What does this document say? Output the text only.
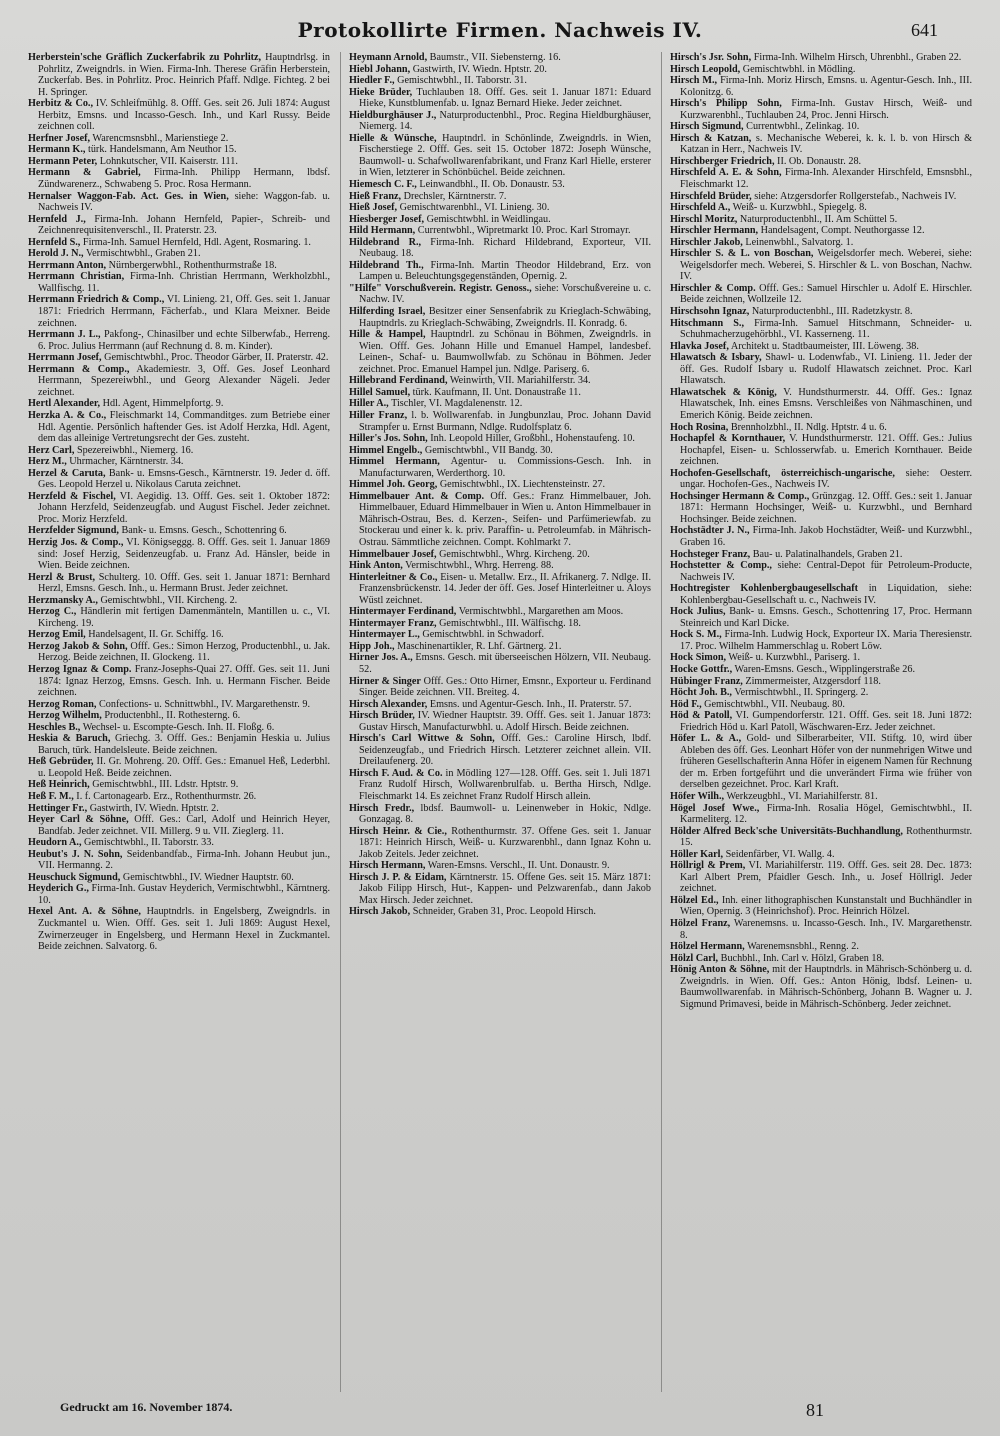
Protokollirte Firmen. Nachweis IV.	641

Herberstein'sche Gräflich Zuckerfabrik zu Pohrlitz, Hauptndrlsg. in Pohrlitz, Zweigndrls. in Wien. Firma-Inh. Therese Gräfin Herberstein, Zuckerfab. Bes. in Pohrlitz. Proc. Heinrich Pfaff. Ndlge. Fichteg. 2 bei H. Springer.

Herbitz & Co., IV. Schleifmühlg. 8. Offf. Ges. seit 26. Juli 1874: August Herbitz, Emsns. und Incasso-Gesch. Inh., und Karl Russy. Beide zeichnen coll.

Herfner Josef, Warencmsnsbhl., Marienstiege 2.

Hermann K., türk. Handelsmann, Am Neuthor 15.

Hermann Peter, Lohnkutscher, VII. Kaiserstr. 111.

Hermann & Gabriel, Firma-Inh. Philipp Hermann, lbdsf. Zündwarenerz., Schwabeng 5. Proc. Rosa Hermann.

Hernalser Waggon-Fab. Act. Ges. in Wien, siehe: Waggon-fab. u. Nachweis IV.

Hernfeld J., Firma-Inh. Johann Hernfeld, Papier-, Schreib- und Zeichnenrequisitenverschl., II. Praterstr. 23.

Hernfeld S., Firma-Inh. Samuel Hernfeld, Hdl. Agent, Rosmaring. 1.

Herold J. N., Vermischtwbhl., Graben 21.

Herrmann Anton, Nürnbergerwbhl., Rothenthurmstraße 18.

Herrmann Christian, Firma-Inh. Christian Herrmann, Werkholzbhl., Wallfischg. 11.

Herrmann Friedrich & Comp., VI. Linieng. 21, Off. Ges. seit 1. Januar 1871: Friedrich Herrmann, Fächerfab., und Klara Meixner. Beide zeichnen.

Herrmann J. L., Pakfong-, Chinasilber und echte Silberwfab., Herreng. 6. Proc. Julius Herrmann (auf Rechnung d. 8. m. Kinder).

Herrmann Josef, Gemischtwbhl., Proc. Theodor Gärber, II. Praterstr. 42.

Herrmann & Comp., Akademiestr. 3, Off. Ges. Josef Leonhard Herrmann, Spezereiwbhl., und Georg Alexander Nägeli. Jeder zeichnet.

Hertl Alexander, Hdl. Agent, Himmelpfortg. 9.

Herzka A. & Co., Fleischmarkt 14, Commanditges. zum Betriebe einer Hdl. Agentie. Persönlich haftender Ges. ist Adolf Herzka, Hdl. Agent, dem das alleinige Vertretungsrecht der Ges. zusteht.

Herz Carl, Spezereiwbhl., Niemerg. 16.

Herz M., Uhrmacher, Kärntnerstr. 34.

Herzel & Caruta, Bank- u. Emsns-Gesch., Kärntnerstr. 19. Jeder d. öff. Ges. Leopold Herzel u. Nikolaus Caruta zeichnet.

Herzfeld & Fischel, VI. Aegidig. 13. Offf. Ges. seit 1. Oktober 1872: Johann Herzfeld, Seidenzeugfab. und August Fischel. Jeder zeichnet. Proc. Moriz Herzfeld.

Herzfelder Sigmund, Bank- u. Emsns. Gesch., Schottenring 6.

Herzig Jos. & Comp., VI. Königseggg. 8. Offf. Ges. seit 1. Januar 1869 sind: Josef Herzig, Seidenzeugfab. u. Franz Ad. Hänsler, beide in Wien. Beide zeichnen.

Herzl & Brust, Schulterg. 10. Offf. Ges. seit 1. Januar 1871: Bernhard Herzl, Emsns. Gesch. Inh., u. Hermann Brust. Jeder zeichnet.

Herzmansky A., Gemischtwbhl., VII. Kircheng. 2.

Herzog C., Händlerin mit fertigen Damenmänteln, Mantillen u. c., VI. Kircheng. 19.

Herzog Emil, Handelsagent, II. Gr. Schiffg. 16.

Herzog Jakob & Sohn, Offf. Ges.: Simon Herzog, Productenbhl., u. Jak. Herzog. Beide zeichnen, II. Glockeng. 11.

Herzog Ignaz & Comp. Franz-Josephs-Quai 27. Offf. Ges. seit 11. Juni 1874: Ignaz Herzog, Emsns. Gesch. Inh. u. Hermann Fischer. Beide zeichnen.

Herzog Roman, Confections- u. Schnittwbhl., IV. Margarethenstr. 9.

Herzog Wilhelm, Productenbhl., II. Rothesterng. 6.

Heschles B., Wechsel- u. Escompte-Gesch. Inh. II. Floßg. 6.

Heskia & Baruch, Griechg. 3. Offf. Ges.: Benjamin Heskia u. Julius Baruch, türk. Handelsleute. Beide zeichnen.

Heß Gebrüder, II. Gr. Mohreng. 20. Offf. Ges.: Emanuel Heß, Lederbhl. u. Leopold Heß. Beide zeichnen.

Heß Heinrich, Gemischtwbhl., III. Ldstr. Hptstr. 9.

Heß F. M., I. f. Cartonagearb. Erz., Rothenthurmstr. 26.

Hettinger Fr., Gastwirth, IV. Wiedn. Hptstr. 2.

Heyer Carl & Söhne, Offf. Ges.: Carl, Adolf und Heinrich Heyer, Bandfab. Jeder zeichnet. VII. Millerg. 9 u. VII. Zieglerg. 11.

Heudorn A., Gemischtwbhl., II. Taborstr. 33.

Heubut's J. N. Sohn, Seidenbandfab., Firma-Inh. Johann Heubut jun., VII. Hermanng. 2.

Heuschuck Sigmund, Gemischtwbhl., IV. Wiedner Hauptstr. 60.

Heyderich G., Firma-Inh. Gustav Heyderich, Vermischtwbhl., Kärntnerg. 10.

Hexel Ant. A. & Söhne, Hauptndrls. in Engelsberg, Zweigndrls. in Zuckmantel u. Wien. Offf. Ges. seit 1. Juli 1869: August Hexel, Zwirnerzeuger in Engelsberg, und Hermann Hexel in Zuckmantel. Beide zeichnen. Salvatorg. 6.

Heymann Arnold, Baumstr., VII. Siebensterng. 16.

Hiebl Johann, Gastwirth, IV. Wiedn. Hptstr. 20.

Hiedler F., Gemischtwbhl., II. Taborstr. 31.

Hieke Brüder, Tuchlauben 18. Offf. Ges. seit 1. Januar 1871: Eduard Hieke, Kunstblumenfab. u. Ignaz Bernard Hieke. Jeder zeichnet.

Hieldburghäuser J., Naturproductenbhl., Proc. Regina Hieldburghäuser, Niemerg. 14.

Hielle & Wünsche, Hauptndrl. in Schönlinde, Zweigndrls. in Wien, Fischerstiege 2. Offf. Ges. seit 15. October 1872: Joseph Wünsche, Baumwoll- u. Schafwollwarenfabrikant, und Franz Karl Hielle, ersterer in Wien, letzterer in Schönbüchel. Beide zeichnen.

Hiemesch C. F., Leinwandbhl., II. Ob. Donaustr. 53.

Hieß Franz, Drechsler, Kärntnerstr. 7.

Hieß Josef, Gemischtwarenbhl., VI. Linieng. 30.

Hiesberger Josef, Gemischtwbhl. in Weidlingau.

Hild Hermann, Currentwbhl., Wipretmarkt 10. Proc. Karl Stromayr.

Hildebrand R., Firma-Inh. Richard Hildebrand, Exporteur, VII. Neubaug. 18.

Hildebrand Th., Firma-Inh. Martin Theodor Hildebrand, Erz. von Lampen u. Beleuchtungsgegenständen, Opernig. 2.

"Hilfe" Vorschußverein. Registr. Genoss., siehe: Vorschußvereine u. c. Nachw. IV.

Hilferding Israel, Besitzer einer Sensenfabrik zu Krieglach-Schwäbing, Hauptndrls. zu Krieglach-Schwäbing, Zweigndrls. II. Konradg. 6.

Hille & Hampel, Hauptndrl. zu Schönau in Böhmen, Zweigndrls. in Wien. Offf. Ges. Johann Hille und Emanuel Hampel, landesbef. Leinen-, Schaf- u. Baumwollwfab. zu Schönau in Böhmen. Jeder zeichnet. Proc. Emanuel Hampel jun. Ndlge. Pariserg. 6.

Hillebrand Ferdinand, Weinwirth, VII. Mariahilferstr. 34.

Hillel Samuel, türk. Kaufmann, II. Unt. Donaustraße 11.

Hiller A., Tischler, VI. Magdalenenstr. 12.

Hiller Franz, l. b. Wollwarenfab. in Jungbunzlau, Proc. Johann David Strampfer u. Ernst Burmann, Ndlge. Rudolfsplatz 6.

Hiller's Jos. Sohn, Inh. Leopold Hiller, Großbhl., Hohenstaufeng. 10.

Himmel Engelb., Gemischtwbhl., VII Bandg. 30.

Himmel Hermann, Agentur- u. Commissions-Gesch. Inh. in Manufacturwaren, Werderthorg. 10.

Himmel Joh. Georg, Gemischtwbhl., IX. Liechtensteinstr. 27.

Himmelbauer Ant. & Comp. Off. Ges.: Franz Himmelbauer, Joh. Himmelbauer, Eduard Himmelbauer in Wien u. Anton Himmelbauer in Mährisch-Ostrau, Bes. d. Kerzen-, Seifen- und Parfümeriewfab. zu Stockerau und einer k. k. priv. Paraffin- u. Petroleumfab. in Mährisch-Ostrau. Sämmtliche zeichnen. Compt. Kohlmarkt 7.

Himmelbauer Josef, Gemischtwbhl., Whrg. Kircheng. 20.

Hink Anton, Vermischtwbhl., Whrg. Herreng. 88.

Hinterleitner & Co., Eisen- u. Metallw. Erz., II. Afrikanerg. 7. Ndlge. II. Franzensbrückenstr. 14. Jeder der öff. Ges. Josef Hinterleitner u. Aloys Wüstl zeichnet.

Hintermayer Ferdinand, Vermischtwbhl., Margarethen am Moos.

Hintermayer Franz, Gemischtwbhl., III. Wälfischg. 18.

Hintermayer L., Gemischtwbhl. in Schwadorf.

Hipp Joh., Maschinenartikler, R. Lhf. Gärtnerg. 21.

Hirner Jos. A., Emsns. Gesch. mit überseeischen Hölzern, VII. Neubaug. 52.

Hirner & Singer Offf. Ges.: Otto Hirner, Emsnr., Exporteur u. Ferdinand Singer. Beide zeichnen. VII. Breiteg. 4.

Hirsch Alexander, Emsns. und Agentur-Gesch. Inh., II. Praterstr. 57.

Hirsch Brüder, IV. Wiedner Hauptstr. 39. Offf. Ges. seit 1. Januar 1873: Gustav Hirsch, Manufacturwbhl. u. Adolf Hirsch. Beide zeichnen.

Hirsch's Carl Wittwe & Sohn, Offf. Ges.: Caroline Hirsch, lbdf. Seidenzeugfab., und Friedrich Hirsch. Letzterer zeichnet allein. VII. Dreilaufenerg. 20.

Hirsch F. Aud. & Co. in Mödling 127—128. Offf. Ges. seit 1. Juli 1871 Franz Rudolf Hirsch, Wollwarenbrulfab. u. Bertha Hirsch, Ndlge. Fleischmarkt 14. Es zeichnet Franz Rudolf Hirsch allein.

Hirsch Fredr., lbdsf. Baumwoll- u. Leinenweber in Hokic, Ndlge. Gonzagag. 8.

Hirsch Heinr. & Cie., Rothenthurmstr. 37. Offene Ges. seit 1. Januar 1871: Heinrich Hirsch, Weiß- u. Kurzwarenbhl., dann Ignaz Kohn u. Jakob Zeitels. Jeder zeichnet.

Hirsch Hermann, Waren-Emsns. Verschl., II. Unt. Donaustr. 9.

Hirsch J. P. & Eidam, Kärntnerstr. 15. Offene Ges. seit 15. März 1871: Jakob Filipp Hirsch, Hut-, Kappen- und Pelzwarenfab., dann Jakob Max Hirsch. Jeder zeichnet.

Hirsch Jakob, Schneider, Graben 31, Proc. Leopold Hirsch.

Hirsch's Jsr. Sohn, Firma-Inh. Wilhelm Hirsch, Uhrenbhl., Graben 22.

Hirsch Leopold, Gemischtwbhl. in Mödling.

Hirsch M., Firma-Inh. Moriz Hirsch, Emsns. u. Agentur-Gesch. Inh., III. Kolonitzg. 6.

Hirsch's Philipp Sohn, Firma-Inh. Gustav Hirsch, Weiß- und Kurzwarenbhl., Tuchlauben 24, Proc. Jenni Hirsch.

Hirsch Sigmund, Currentwbhl., Zelinkag. 10.

Hirsch & Katzan, s. Mechanische Weberei, k. k. l. b. von Hirsch & Katzan in Herr., Nachweis IV.

Hirschberger Friedrich, II. Ob. Donaustr. 28.

Hirschfeld A. E. & Sohn, Firma-Inh. Alexander Hirschfeld, Emsnsbhl., Fleischmarkt 12.

Hirschfeld Brüder, siehe: Atzgersdorfer Rollgerstefab., Nachweis IV.

Hirschfeld A., Weiß- u. Kurzwbhl., Spiegelg. 8.

Hirschl Moritz, Naturproductenbhl., II. Am Schüttel 5.

Hirschler Hermann, Handelsagent, Compt. Neuthorgasse 12.

Hirschler Jakob, Leinenwbhl., Salvatorg. 1.

Hirschler S. & L. von Boschan, Weigelsdorfer mech. Weberei, siehe: Weigelsdorfer mech. Weberei, S. Hirschler & L. von Boschan, Nachw. IV.

Hirschler & Comp. Offf. Ges.: Samuel Hirschler u. Adolf E. Hirschler. Beide zeichnen, Wollzeile 12.

Hirschsohn Ignaz, Naturproductenbhl., III. Radetzkystr. 8.

Hitschmann S., Firma-Inh. Samuel Hitschmann, Schneider- u. Schuhmacherzugehörbhl., VI. Kasserneng. 11.

Hlavka Josef, Architekt u. Stadtbaumeister, III. Löweng. 38.

Hlawatsch & Isbary, Shawl- u. Lodenwfab., VI. Linieng. 11. Jeder der öff. Ges. Rudolf Isbary u. Rudolf Hlawatsch zeichnet. Proc. Karl Hlawatsch.

Hlawatschek & König, V. Hundsthurmerstr. 44. Offf. Ges.: Ignaz Hlawatschek, Inh. eines Emsns. Verschleißes von Nähmaschinen, und Emerich König. Beide zeichnen.

Hoch Rosina, Brennholzbhl., II. Ndlg. Hptstr. 4 u. 6.

Hochapfel & Kornthauer, V. Hundsthurmerstr. 121. Offf. Ges.: Julius Hochapfel, Eisen- u. Schlosserwfab. u. Emerich Kornthauer. Beide zeichnen.

Hochofen-Gesellschaft, österreichisch-ungarische, siehe: Oesterr. ungar. Hochofen-Ges., Nachweis IV.

Hochsinger Hermann & Comp., Grünzgag. 12. Offf. Ges.: seit 1. Januar 1871: Hermann Hochsinger, Weiß- u. Kurzwbhl., und Bernhard Hochsinger. Beide zeichnen.

Hochstädter J. N., Firma-Inh. Jakob Hochstädter, Weiß- und Kurzwbhl., Graben 16.

Hochsteger Franz, Bau- u. Palatinalhandels, Graben 21.

Hochstetter & Comp., siehe: Central-Depot für Petroleum-Producte, Nachweis IV.

Hochtregister Kohlenbergbaugesellschaft in Liquidation, siehe: Kohlenbergbau-Gesellschaft u. c., Nachweis IV.

Hock Julius, Bank- u. Emsns. Gesch., Schottenring 17, Proc. Hermann Steinreich und Karl Dicke.

Hock S. M., Firma-Inh. Ludwig Hock, Exporteur IX. Maria Theresienstr. 17. Proc. Wilhelm Hammerschlag u. Robert Löw.

Hock Simon, Weiß- u. Kurzwbhl., Pariserg. 1.

Hocke Gottfr., Waren-Emsns. Gesch., Wipplingerstraße 26.

Hübinger Franz, Zimmermeister, Atzgersdorf 118.

Höcht Joh. B., Vermischtwbhl., II. Springerg. 2.

Höd F., Gemischtwbhl., VII. Neubaug. 80.

Höd & Patoll, VI. Gumpendorferstr. 121. Offf. Ges. seit 18. Juni 1872: Friedrich Höd u. Karl Patoll, Wäschwaren-Erz. Jeder zeichnet.

Höfer L. & A., Gold- und Silberarbeiter, VII. Stiftg. 10, wird über Ableben des öff. Ges. Leonhart Höfer von der nunmehrigen Witwe und früheren Gesellschafterin Anna Höfer in eigenem Namen für Rechnung der m. Erben fortgeführt und die unverändert Firma wie früher von derselben gezeichnet. Proc. Karl Kraft.

Höfer Wilh., Werkzeugbhl., VI. Mariahilferstr. 81.

Högel Josef Wwe., Firma-Inh. Rosalia Högel, Gemischtwbhl., II. Karmeliterg. 12.

Hölder Alfred Beck'sche Universitäts-Buchhandlung, Rothenthurmstr. 15.

Höller Karl, Seidenfärber, VI. Wallg. 4.

Höllrigl & Prem, VI. Mariahilferstr. 119. Offf. Ges. seit 28. Dec. 1873: Karl Albert Prem, Pfaidler Gesch. Inh., u. Josef Höllrigl. Jeder zeichnet.

Hölzel Ed., Inh. einer lithographischen Kunstanstalt und Buchhändler in Wien, Opernig. 3 (Heinrichshof). Proc. Heinrich Hölzel.

Hölzel Franz, Warenemsns. u. Incasso-Gesch. Inh., IV. Margarethenstr. 8.

Hölzel Hermann, Warenemsnsbhl., Renng. 2.

Hölzl Carl, Buchbhl., Inh. Carl v. Hölzl, Graben 18.

Hönig Anton & Söhne, mit der Hauptndrls. in Mährisch-Schönberg u. d. Zweigndrls. in Wien. Off. Ges.: Anton Hönig, lbdsf. Leinen- u. Baumwollwarenfab. in Mährisch-Schönberg, Johann B. Wagner u. J. Sigmund Primavesi, beide in Mährisch-Schönberg. Jeder zeichnet.

Gedruckt am 16. November 1874.	81
